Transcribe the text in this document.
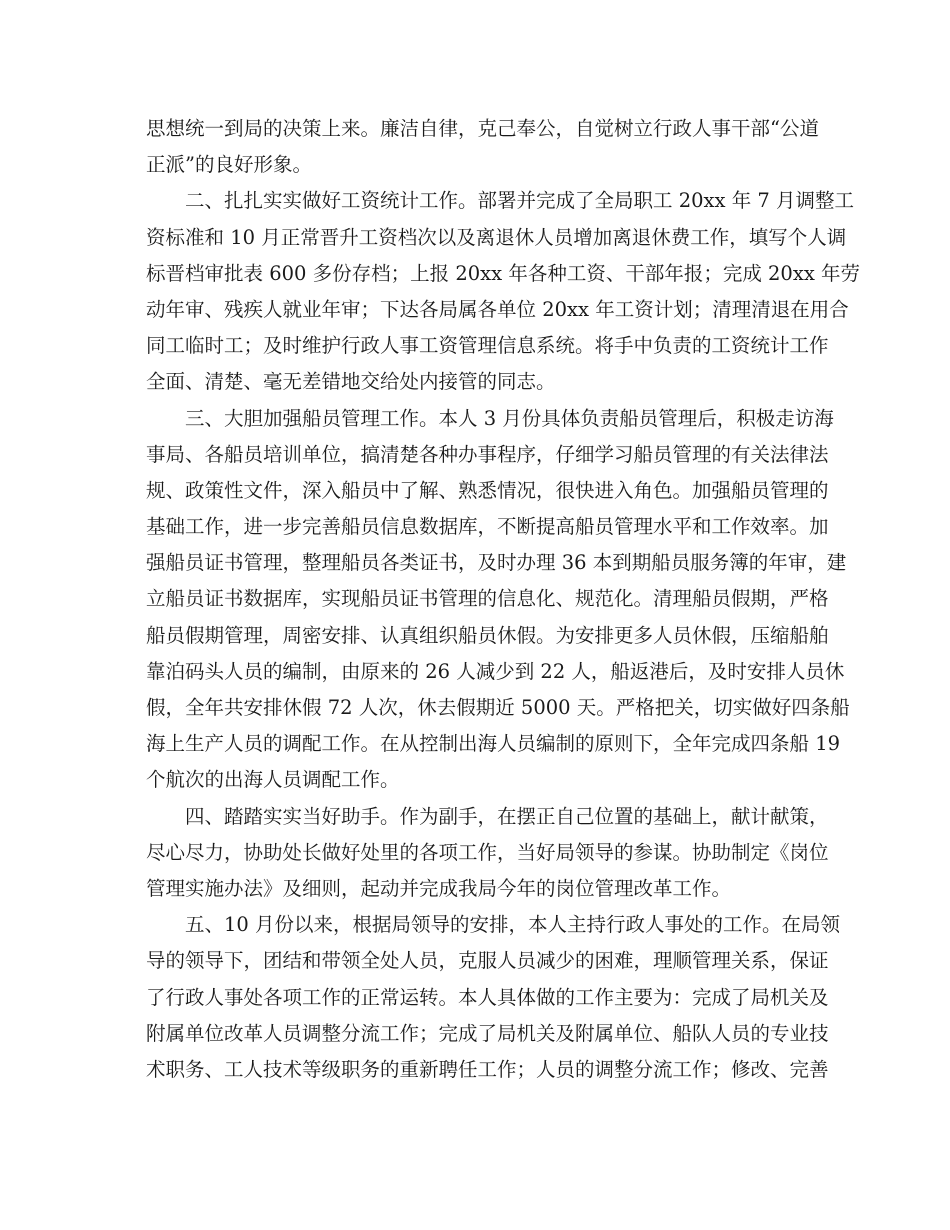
思想统一到局的决策上来。廉洁自律，克己奉公，自觉树立行政人事干部“公道
正派”的良好形象。
二、扎扎实实做好工资统计工作。部署并完成了全局职工 20xx 年 7 月调整工
资标准和 10 月正常晋升工资档次以及离退休人员增加离退休费工作，填写个人调
标晋档审批表 600 多份存档；上报 20xx 年各种工资、干部年报；完成 20xx 年劳
动年审、残疾人就业年审；下达各局属各单位 20xx 年工资计划；清理清退在用合
同工临时工；及时维护行政人事工资管理信息系统。将手中负责的工资统计工作
全面、清楚、毫无差错地交给处内接管的同志。
三、大胆加强船员管理工作。本人 3 月份具体负责船员管理后，积极走访海
事局、各船员培训单位，搞清楚各种办事程序，仔细学习船员管理的有关法律法
规、政策性文件，深入船员中了解、熟悉情况，很快进入角色。加强船员管理的
基础工作，进一步完善船员信息数据库，不断提高船员管理水平和工作效率。加
强船员证书管理，整理船员各类证书，及时办理 36 本到期船员服务簿的年审，建
立船员证书数据库，实现船员证书管理的信息化、规范化。清理船员假期，严格
船员假期管理，周密安排、认真组织船员休假。为安排更多人员休假，压缩船舶
靠泊码头人员的编制，由原来的 26 人减少到 22 人，船返港后，及时安排人员休
假，全年共安排休假 72 人次，休去假期近 5000 天。严格把关，切实做好四条船
海上生产人员的调配工作。在从控制出海人员编制的原则下，全年完成四条船 19
个航次的出海人员调配工作。
四、踏踏实实当好助手。作为副手，在摆正自己位置的基础上，献计献策，
尽心尽力，协助处长做好处里的各项工作，当好局领导的参谋。协助制定《岗位
管理实施办法》及细则，起动并完成我局今年的岗位管理改革工作。
五、10 月份以来，根据局领导的安排，本人主持行政人事处的工作。在局领
导的领导下，团结和带领全处人员，克服人员减少的困难，理顺管理关系，保证
了行政人事处各项工作的正常运转。本人具体做的工作主要为：完成了局机关及
附属单位改革人员调整分流工作；完成了局机关及附属单位、船队人员的专业技
术职务、工人技术等级职务的重新聘任工作；人员的调整分流工作；修改、完善
